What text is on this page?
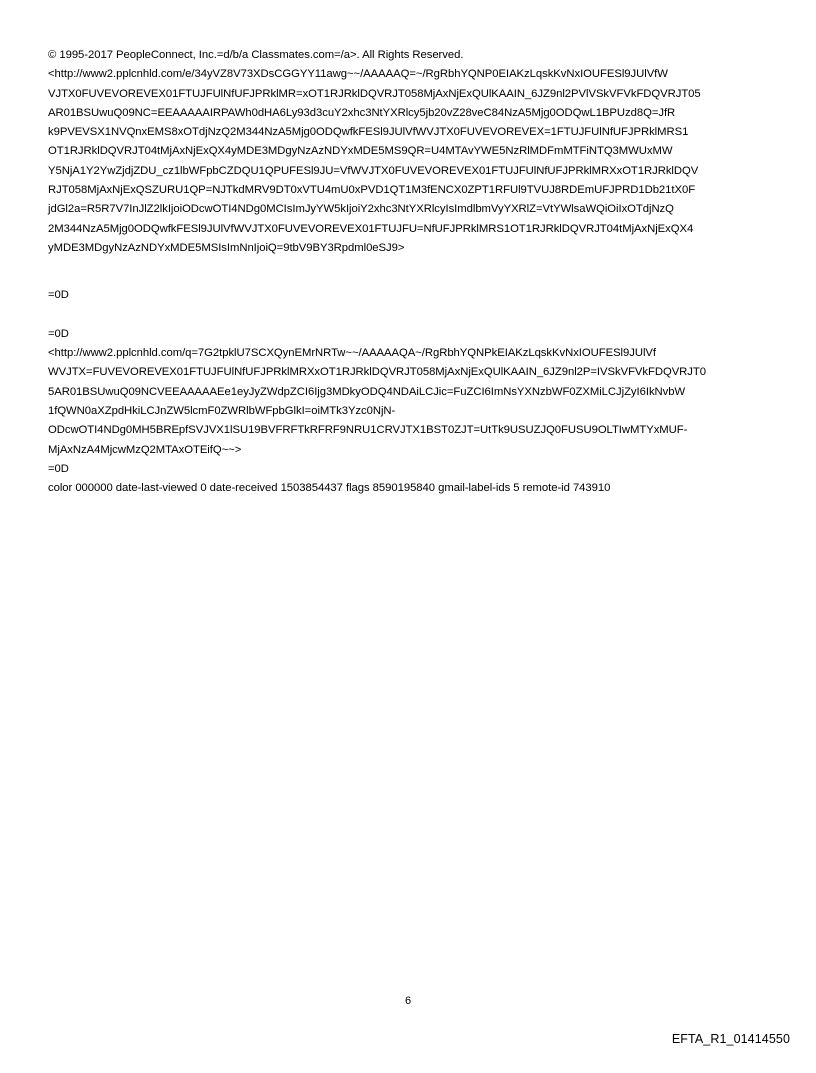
© 1995-2017 PeopleConnect, Inc.=d/b/a Classmates.com=/a>. All Rights Reserved.
<http://www2.pplcnhld.com/e/34yVZ8V73XDsCGGYY11awg~~/AAAAAQ=~/RgRbhYQNP0EIAKzLqskKvNxIOUFESl9JUlVfW
VJTX0FUVEVOREVEX01FTUJFUlNfUFJPRklMR=xOT1RJRklDQVRJT058MjAxNjExQUlKAAIN_6JZ9nl2PVlVSkVFVkFDQVRJT05
AR01BSUwuQ09NC=EEAAAAAIRPAWh0dHA6Ly93d3cuY2xhc3NtYXRlcy5jb20vZ28veC84NzA5Mjg0ODQwL1BPUzd8Q=JfR
k9PVEVSX1NVQnxEMS8xOTdjNzQ2M344NzA5Mjg0ODQwfkFESl9JUlVfWVJTX0FUVEVOREVEX=1FTUJFUlNfUFJPRklMRS1
OT1RJRklDQVRJT04tMjAxNjExQX4yMDE3MDgyNzAzNDYxMDE5MS9QR=U4MTAvYWE5NzRlMDFmMTFiNTQ3MWUxMW
Y5NjA1Y2YwZjdjZDU_cz1lbWFpbCZDQU1QPUFESl9JU=VfWVJTX0FUVEVOREVEX01FTUJFUlNfUFJPRklMRXxOT1RJRklDQV
RJT058MjAxNjExQSZURU1QP=NJTkdMRV9DT0xVTU4mU0xPVD1QT1M3fENCX0ZPT1RFUl9TVUJ8RDEmUFJPRD1Db21tX0F
jdGl2a=R5R7V7InJlZ2lkIjoiODcwOTI4NDg0MCIsImJyYW5kIjoiY2xhc3NtYXRlcyIsImdlbmVyYXRlZ=VtYWlsaWQiOiIxOTdjNzQ
2M344NzA5Mjg0ODQwfkFESl9JUlVfWVJTX0FUVEVOREVEX01FTUJFU=NfUFJPRklMRS1OT1RJRklDQVRJT04tMjAxNjExQX4
yMDE3MDgyNzAzNDYxMDE5MSIsImNnIjoiQ=9tbV9BY3Rpdml0eSJ9>
=0D
=0D
<http://www2.pplcnhld.com/q=7G2tpklU7SCXQynEMrNRTw~~/AAAAAQA~/RgRbhYQNPkEIAKzLqskKvNxIOUFESl9JUlVf
WVJTX=FUVEVOREVEX01FTUJFUlNfUFJPRklMRXxOT1RJRklDQVRJT058MjAxNjExQUlKAAIN_6JZ9nl2P=IVSkVFVkFDQVRJT0
5AR01BSUwuQ09NCVEEAAAAAEe1eyJyZWdpZCI6Ijg3MDkyODQ4NDAiLCJic=FuZCI6ImNsYXNzbWF0ZXMiLCJjZyI6IkNvbW
1fQWN0aXZpdHkiLCJnZW5lcmF0ZWRlbWFpbGlkI=oiMTk3Yzc0NjN-
ODcwOTI4NDg0MH5BREpfSVJVX1lSU19BVFRFTkRFRF9NRU1CRVJTX1BST0ZJT=UtTk9USUZJQ0FUSU9OLTIwMTYxMUF-
MjAxNzA4MjcwMzQ2MTAxOTEifQ~~>
=0D
color 000000 date-last-viewed 0 date-received 1503854437 flags 8590195840 gmail-label-ids 5 remote-id 743910
6
EFTA_R1_01414550
